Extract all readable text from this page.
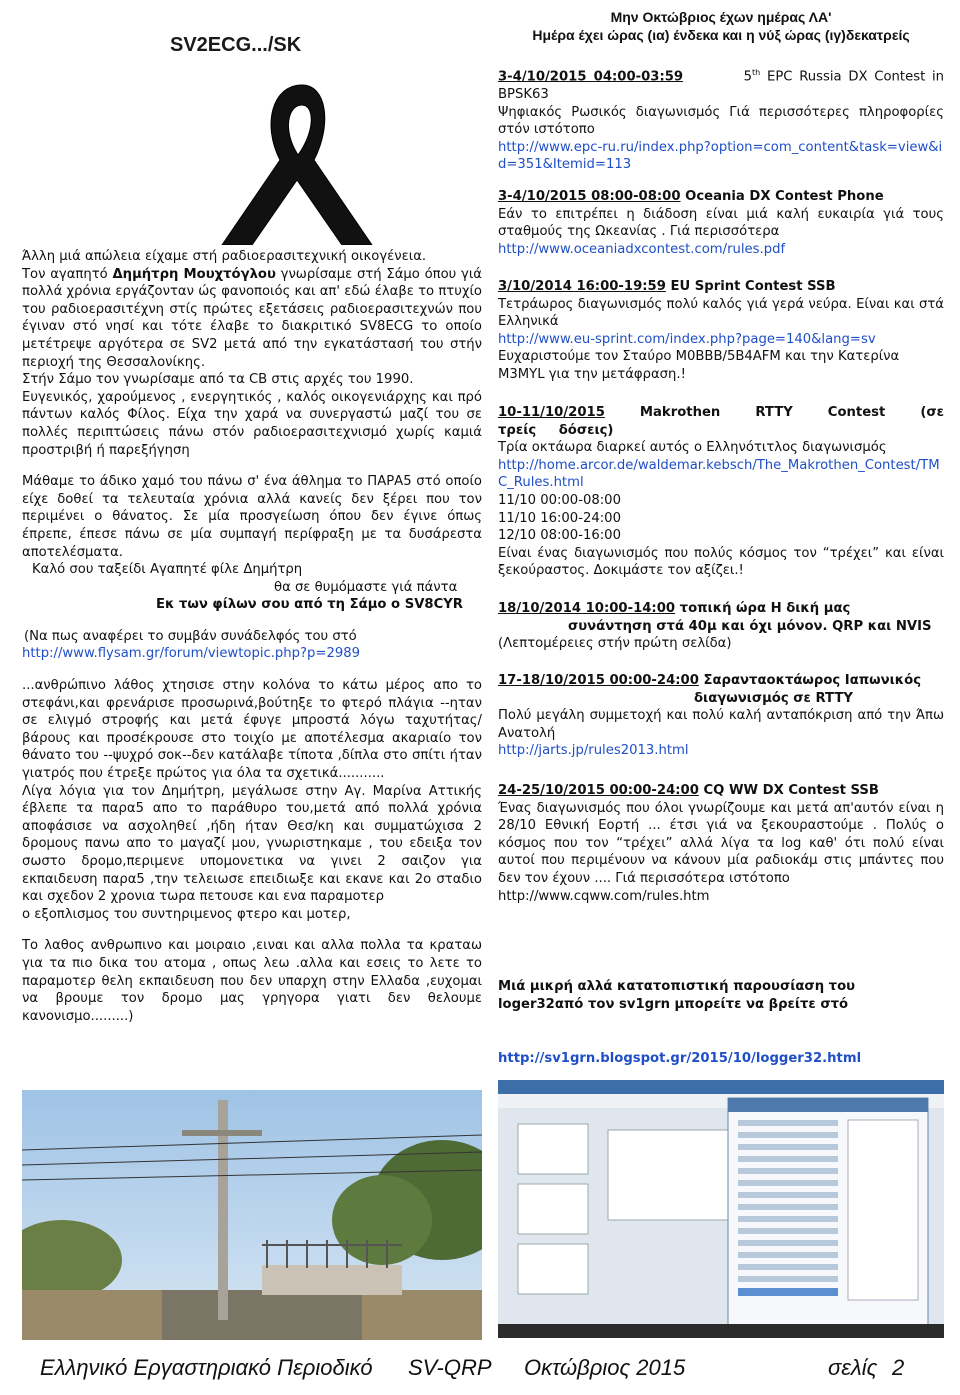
SV2ECG.../SK

Άλλη μιά απώλεια είχαμε στή ραδιοερασιτεχνική οικογένεια.

Τον αγαπητό Δημήτρη Μουχτόγλου γνωρίσαμε στή Σάμο όπου γιά πολλά χρόνια εργάζονταν ώς φανοποιός και απ' εδώ έλαβε το πτυχίο του ραδιοερασιτέχνη στίς πρώτες εξετάσεις ραδιοερασιτεχνών που έγιναν στό νησί και τότε έλαβε το διακριτικό SV8ECG το οποίο μετέτρεψε αργότερα σε SV2 μετά από την εγκατάστασή του στήν περιοχή της Θεσσαλονίκης.

Στήν Σάμο τον γνωρίσαμε από τα CB στις αρχές του 1990.

Ευγενικός, χαρούμενος , ενεργητικός , καλός οικογενιάρχης και πρό πάντων καλός Φίλος. Είχα την χαρά να συνεργαστώ μαζί του σε πολλές περιπτώσεις πάνω στόν ραδιοερασιτεχνισμό χωρίς καμιά προστριβή ή παρεξήγηση

Μάθαμε το άδικο χαμό του πάνω σ' ένα άθλημα το ΠΑΡΑ5 στό οποίο είχε δοθεί τα τελευταία χρόνια αλλά κανείς δεν ξέρει που τον περιμένει ο θάνατος. Σε μία προσγείωση όπου δεν έγινε όπως έπρεπε, έπεσε πάνω σε μία συμπαγή περίφραξη με τα δυσάρεστα αποτελέσματα.

Καλό σου ταξείδι Αγαπητέ φίλε Δημήτρη

θα σε θυμόμαστε γιά πάντα

Εκ των φίλων σου από τη Σάμο ο SV8CYR

(Να πως αναφέρει το συμβάν συνάδελφός του στό

http://www.flysam.gr/forum/viewtopic.php?p=2989

...ανθρώπινο λάθος χτησισε στην κολόνα το κάτω μέρος απο το στεφάνι,και φρενάρισε προσωρινά,βούτηξε το φτερό πλάγια --ηταν σε ελιγμό στροφής και μετά έφυγε μπροστά λόγω ταχυτήτας/βάρους και προσέκρουσε στο τοιχίο με αποτέλεσμα ακαριαίο τον θάνατο του --ψυχρό σοκ--δεν κατάλαβε τίποτα ,δίπλα στο σπίτι ήταν γιατρός που έτρεξε πρώτος για όλα τα σχετικά...........

Λίγα λόγια για τον Δημήτρη, μεγάλωσε στην Αγ. Μαρίνα Αττικής έβλεπε τα παρα5 απο το παράθυρο του,μετά από πολλά χρόνια αποφάσισε να ασχοληθεί ,ήδη ήταν Θεσ/κη και συμματώχισα 2 δρομους πανω απο το μαγαζί μου, γνωριστηκαμε , του εδειξα τον σωστο δρομο,περιμενε υπομονετικα να γινει 2 σαιζον για εκπαιδευση παρα5 ,την τελειωσε επειδιωξε και εκανε και 2ο σταδιο και σχεδον 2 χρονια τωρα πετουσε και ενα παραμοτερ

ο εξοπλισμος του συντηριμενος φτερο και μοτερ,

Το λαθος ανθρωπινο και μοιραιο ,ειναι και αλλα πολλα τα κραταω για τα πιο δικα του ατομα , οπως λεω .αλλα και εσεις το λετε το παραμοτερ θελη εκπαιδευση που δεν υπαρχη στην Ελλαδα ,ευχομαι να βρουμε τον δρομο μας γρηγορα γιατι δεν θελουμε κανονισμο.........)

Μην Οκτώβριος έχων ημέρας ΛΑ'

Ημέρα έχει ώρας (ια) ένδεκα και η νύξ ώρας (ιγ)δεκατρείς

3-4/10/2015 04:00-03:59	5th EPC Russia DX Contest in BPSK63

Ψηφιακός Ρωσικός διαγωνισμός Γιά περισσότερες πληροφορίες στόν ιστότοπο

http://www.epc-ru.ru/index.php?option=com_content&task=view&id=351&Itemid=113

3-4/10/2015 08:00-08:00 Oceania DX Contest Phone

Εάν το επιτρέπει η διάδοση είναι μιά καλή ευκαιρία γιά τους σταθμούς της Ωκεανίας . Γιά περισσότερα

http://www.oceaniadxcontest.com/rules.pdf

3/10/2014 16:00-19:59 EU Sprint Contest SSB

Τετράωρος διαγωνισμός πολύ καλός γιά γερά νεύρα. Είναι και στά Ελληνικά

http://www.eu-sprint.com/index.php?page=140&lang=sv

Ευχαριστούμε τον Σταύρο M0BBB/5B4AFM και την Κατερίνα M3MYL για την μετάφραση.!

10-11/10/2015 Makrothen RTTY Contest (σε τρείς δόσεις)

Τρία οκτάωρα διαρκεί αυτός ο Ελληνότιτλος διαγωνισμός

http://home.arcor.de/waldemar.kebsch/The_Makrothen_Contest/TMC_Rules.html

11/10 00:00-08:00

11/10 16:00-24:00

12/10 08:00-16:00

Είναι ένας διαγωνισμός που πολύς κόσμος τον “τρέχει” και είναι ξεκούραστος. Δοκιμάστε τον αξίζει.!

18/10/2014 10:00-14:00 τοπική ώρα Η δική μας

συνάντηση στά 40μ και όχι μόνον. QRP και NVIS

(Λεπτομέρειες στήν πρώτη σελίδα)

17-18/10/2015 00:00-24:00 Σαρανταοκτάωρος Ιαπωνικός

διαγωνισμός σε RTTY

Πολύ μεγάλη συμμετοχή και πολύ καλή ανταπόκριση από την Άπω Ανατολή

http://jarts.jp/rules2013.html

24-25/10/2015 00:00-24:00 CQ WW DX Contest SSB

Ένας διαγωνισμός που όλοι γνωρίζουμε και μετά απ'αυτόν είναι η 28/10 Εθνική Εορτή ... έτσι γιά να ξεκουραστούμε . Πολύς ο κόσμος που τον “τρέχει” αλλά λίγα τα log καθ' ότι πολύ είναι αυτοί που περιμένουν να κάνουν μία ραδιοκάμ στις μπάντες που δεν τον έχουν .... Γιά περισσότερα ιστότοπο

http://www.cqww.com/rules.htm

Μιά μικρή αλλά κατατοπιστική παρουσίαση του loger32από τον sv1grn μπορείτε να βρείτε στό

http://sv1grn.blogspot.gr/2015/10/logger32.html

Ελληνικό Εργαστηριακό Περιοδικό SV-QRP Οκτώβριος 2015	σελίς 2
